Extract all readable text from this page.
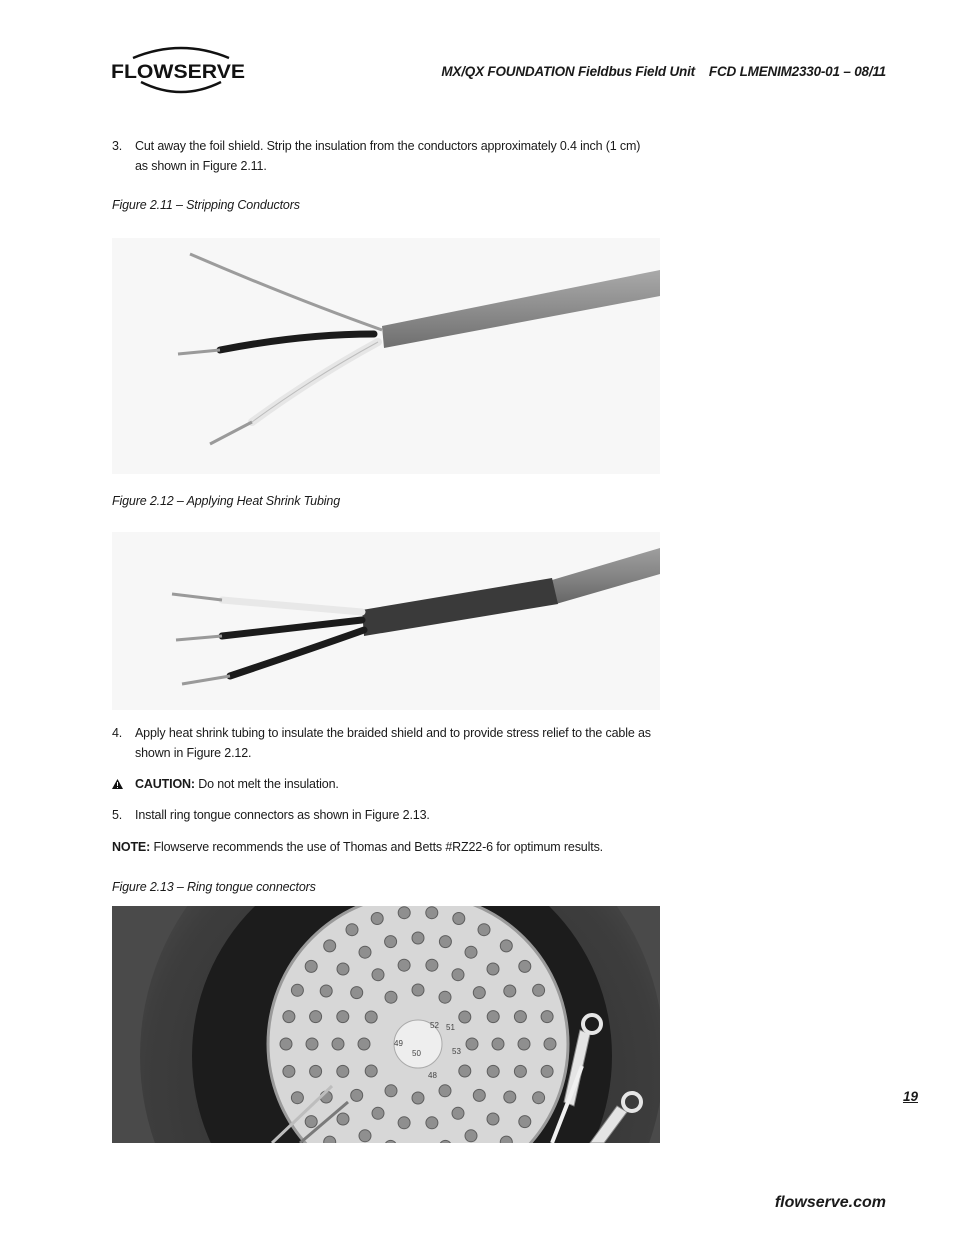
FLOWSERVE	MX/QX FOUNDATION Fieldbus Field Unit FCD LMENIM2330-01 – 08/11
3. Cut away the foil shield. Strip the insulation from the conductors approximately 0.4 inch (1 cm)
as shown in Figure 2.11.
Figure 2.11 – Stripping Conductors
Figure 2.12 – Applying Heat Shrink Tubing
4. Apply heat shrink tubing to insulate the braided shield and to provide stress relief to the cable as
shown in Figure 2.12.
CAUTION: Do not melt the insulation.
5. Install ring tongue connectors as shown in Figure 2.13.
NOTE: Flowserve recommends the use of Thomas and Betts #RZ22-6 for optimum results.
Figure 2.13 – Ring tongue connectors
52
50	53
48
49
51
19
flowserve.com
